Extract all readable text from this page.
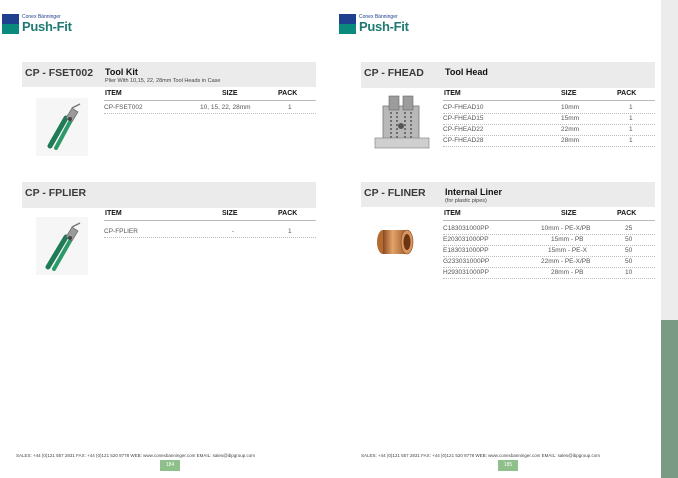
Conex Bänninger
Push-Fit
CP - FSET002 Tool Kit
Plier With 10,15, 22, 28mm Tool Heads in Case
ITEM	SIZE	PACK
CP-FSET002	10, 15, 22, 28mm	1
CP - FPLIER
ITEM	SIZE	PACK
CP-FPLIER	-	1
SALES: +44 (0)121 557 2831 FAX: +44 (0)121 520 8778 WEB: www.conexbanninger.com EMAIL: sales@ibpgroup.com
184
Conex Bänninger
Push-Fit
CP - FHEAD Tool Head
ITEM	SIZE	PACK
CP-FHEAD10	10mm	1
CP-FHEAD15	15mm	1
CP-FHEAD22	22mm	1
CP-FHEAD28	28mm	1
CP - FLINER Internal Liner
(for plastic pipes)
ITEM	SIZE	PACK
C183031000PP	10mm - PE-X/PB	25
E203031000PP	15mm - PB	50
E183031000PP	15mm - PE-X	50
G233031000PP	22mm - PE-X/PB	50
H293031000PP	28mm - PB	10
SALES: +44 (0)121 557 2831 FAX: +44 (0)121 520 8778 WEB: www.conexbanninger.com EMAIL: sales@ibpgroup.com
185
